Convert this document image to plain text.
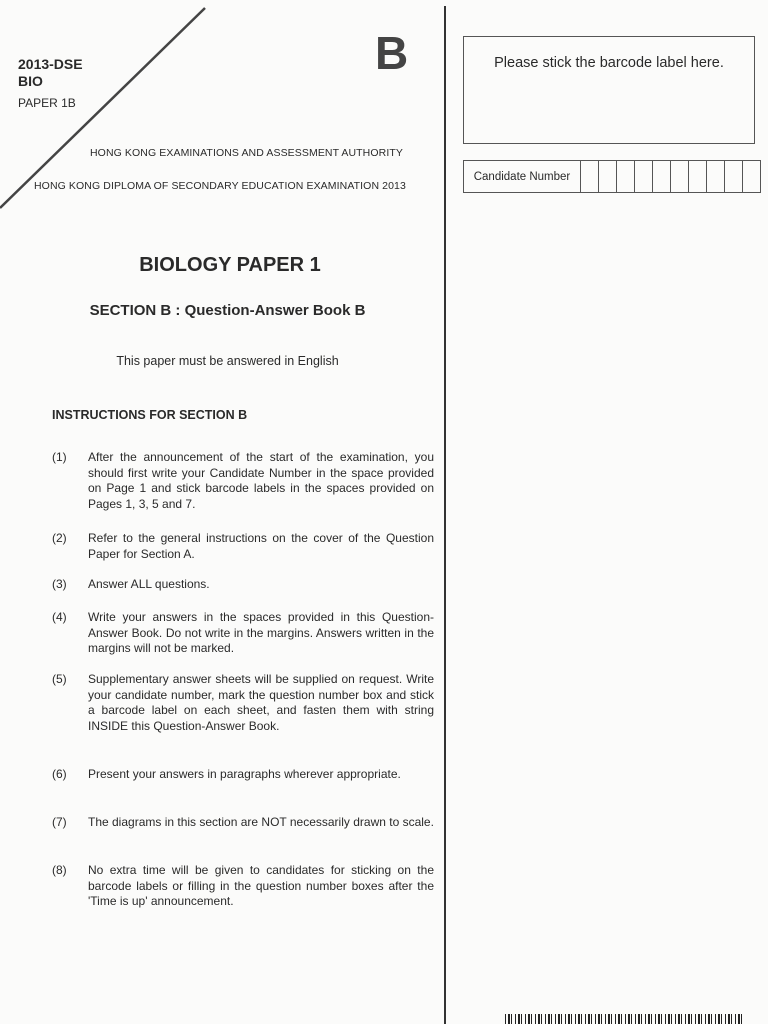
2013-DSE
BIO
PAPER 1B
B
HONG KONG EXAMINATIONS AND ASSESSMENT AUTHORITY
HONG KONG DIPLOMA OF SECONDARY EDUCATION EXAMINATION 2013
Please stick the barcode label here.
Candidate Number
BIOLOGY PAPER 1
SECTION B : Question-Answer Book B
This paper must be answered in English
INSTRUCTIONS FOR SECTION B
(1)	After the announcement of the start of the examination, you should first write your Candidate Number in the space provided on Page 1 and stick barcode labels in the spaces provided on Pages 1, 3, 5 and 7.
(2)	Refer to the general instructions on the cover of the Question Paper for Section A.
(3)	Answer ALL questions.
(4)	Write your answers in the spaces provided in this Question-Answer Book. Do not write in the margins. Answers written in the margins will not be marked.
(5)	Supplementary answer sheets will be supplied on request. Write your candidate number, mark the question number box and stick a barcode label on each sheet, and fasten them with string INSIDE this Question-Answer Book.
(6)	Present your answers in paragraphs wherever appropriate.
(7)	The diagrams in this section are NOT necessarily drawn to scale.
(8)	No extra time will be given to candidates for sticking on the barcode labels or filling in the question number boxes after the 'Time is up' announcement.
